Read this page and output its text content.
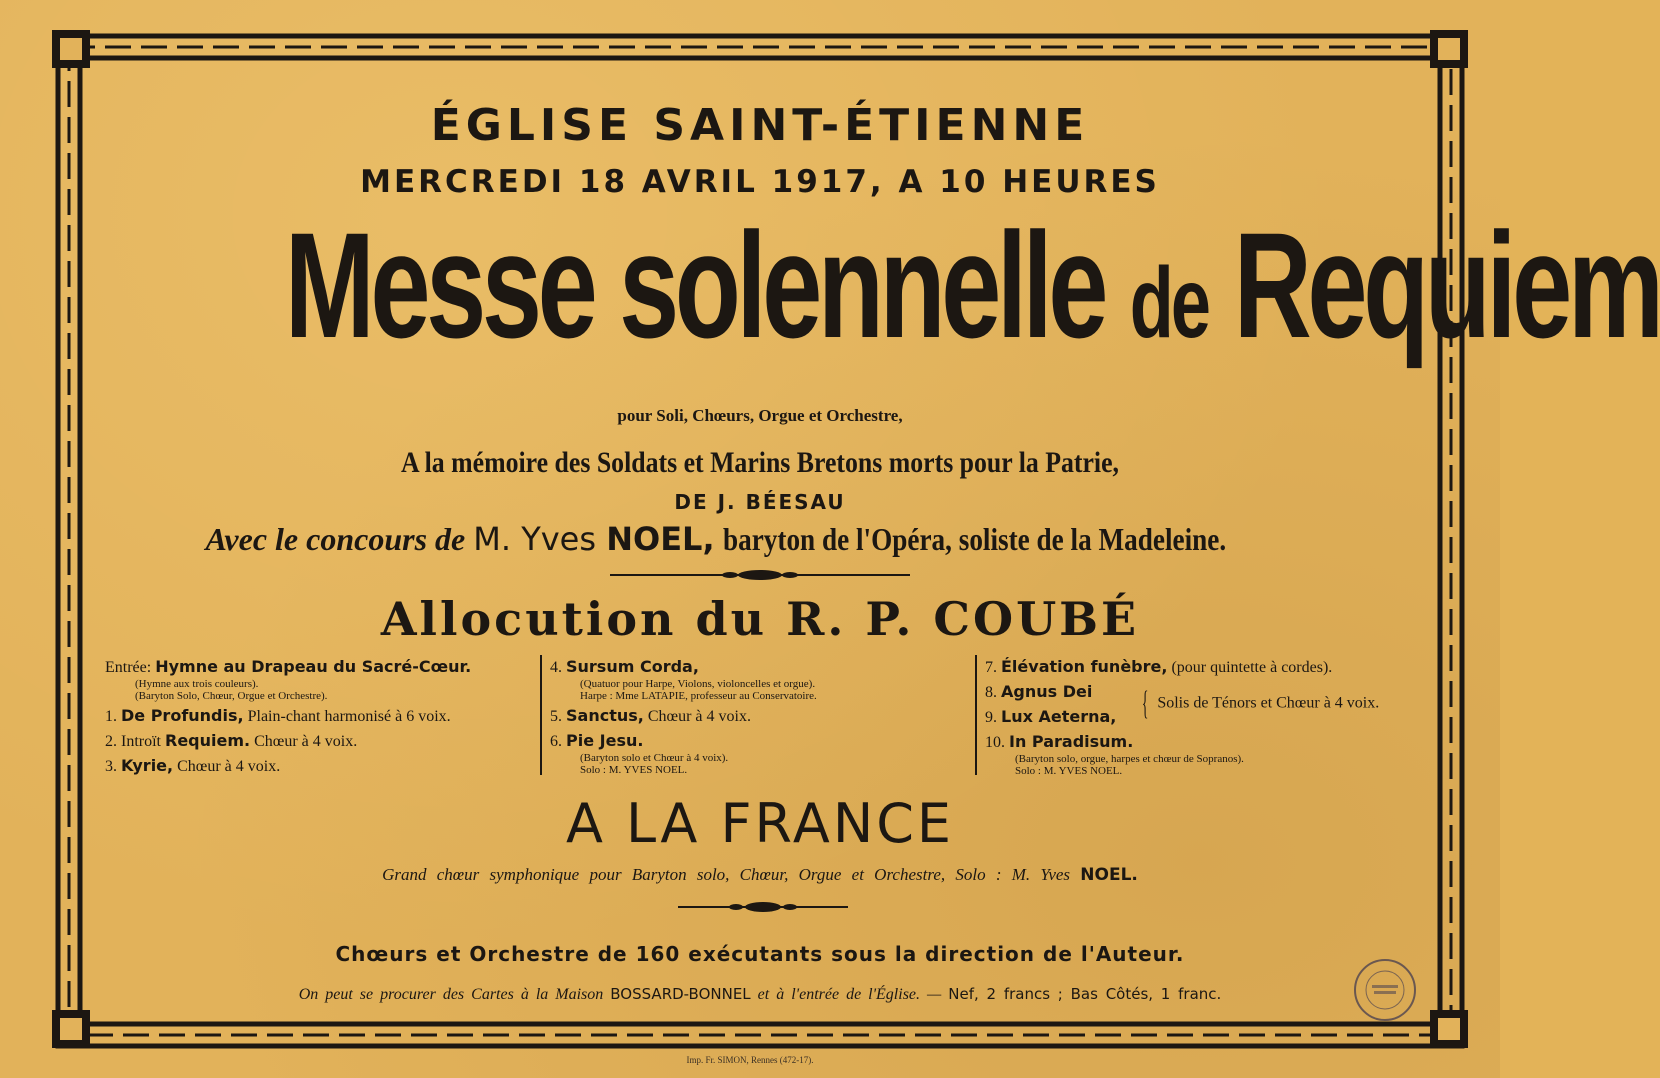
ÉGLISE SAINT-ÉTIENNE
MERCREDI 18 AVRIL 1917, A 10 HEURES
Messe solennelle de Requiem
pour Soli, Chœurs, Orgue et Orchestre,
A la mémoire des Soldats et Marins Bretons morts pour la Patrie,
DE J. BÉESAU
Avec le concours de M. Yves NOEL, baryton de l'Opéra, soliste de la Madeleine.
Allocution du R. P. COUBÉ
Entrée: Hymne au Drapeau du Sacré-Cœur.
(Hymne aux trois couleurs).
(Baryton Solo, Chœur, Orgue et Orchestre).
1. De Profundis, Plain-chant harmonisé à 6 voix.
2. Introït Requiem. Chœur à 4 voix.
3. Kyrie, Chœur à 4 voix.
4. Sursum Corda,
(Quatuor pour Harpe, Violons, violoncelles et orgue).
Harpe : Mme LATAPIE, professeur au Conservatoire.
5. Sanctus, Chœur à 4 voix.
6. Pie Jesu.
(Baryton solo et Chœur à 4 voix).
Solo : M. YVES NOEL.
7. Élévation funèbre, (pour quintette à cordes).
8. Agnus Dei
9. Lux Aeterna, { Solis de Ténors et Chœur à 4 voix.
10. In Paradisum.
(Baryton solo, orgue, harpes et chœur de Sopranos).
Solo : M. YVES NOEL.
A LA FRANCE
Grand chœur symphonique pour Baryton solo, Chœur, Orgue et Orchestre, Solo : M. Yves NOEL.
Chœurs et Orchestre de 160 exécutants sous la direction de l'Auteur.
On peut se procurer des Cartes à la Maison BOSSARD-BONNEL et à l'entrée de l'Église. — Nef, 2 francs ; Bas Côtés, 1 franc.
Imp. Fr. SIMON, Rennes (472-17).
